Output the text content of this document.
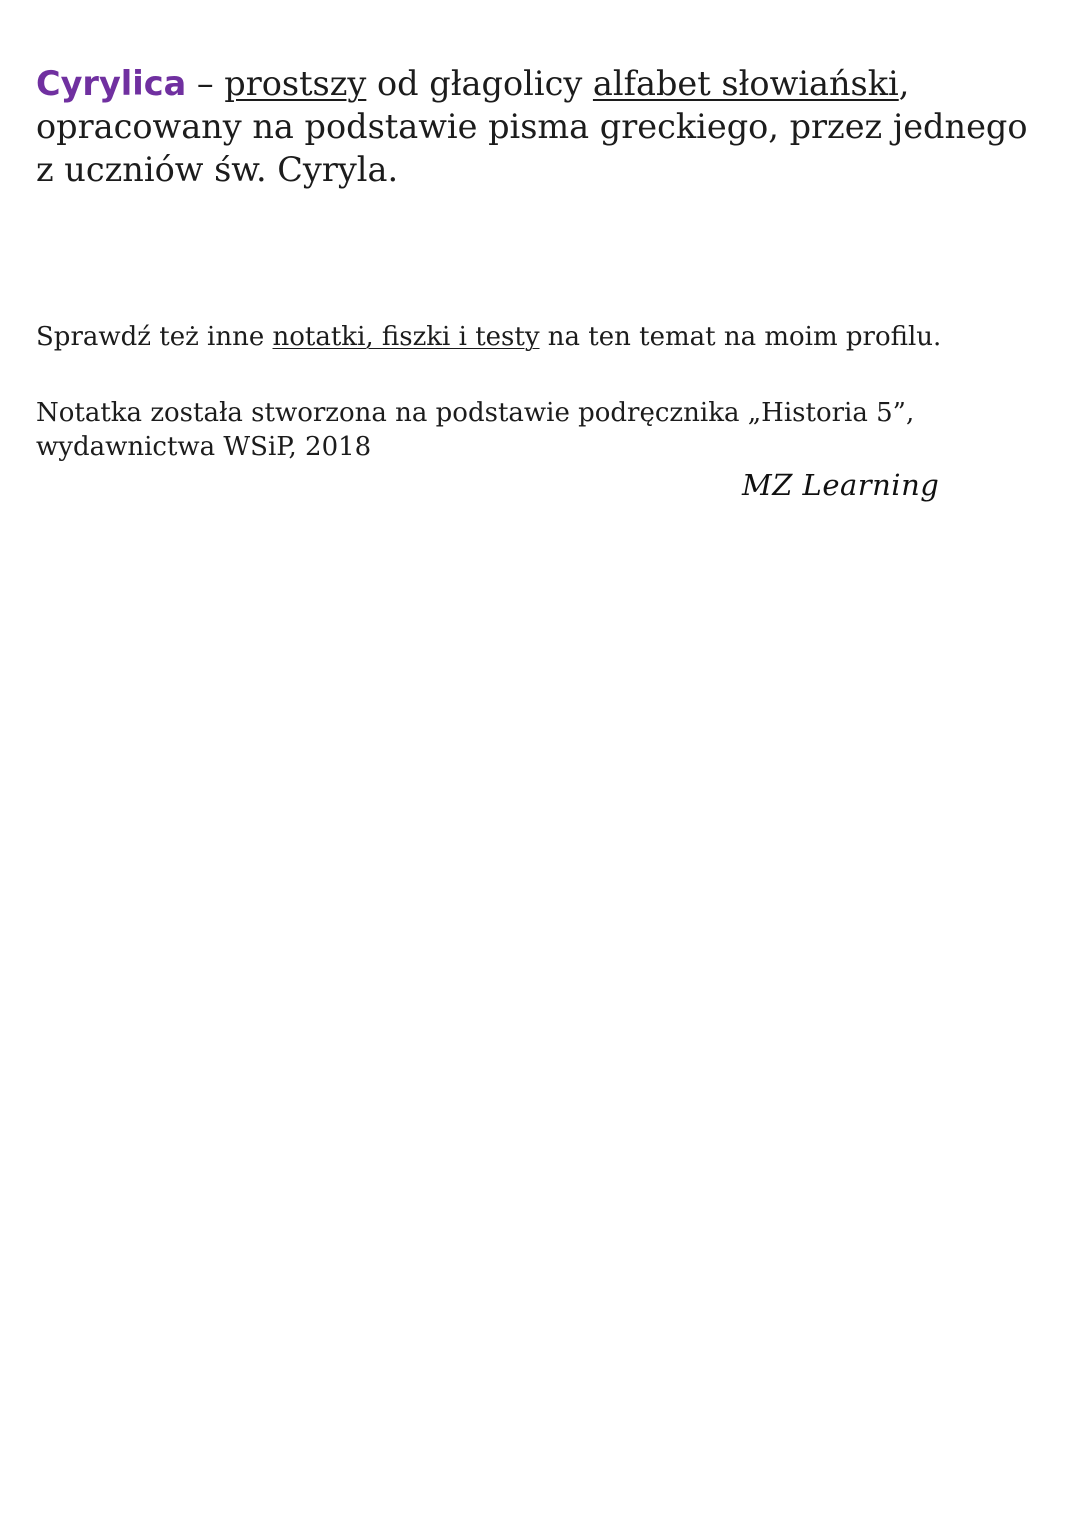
Cyrylica – prostszy od głagolicy alfabet słowiański, opracowany na podstawie pisma greckiego, przez jednego z uczniów św. Cyryla.

Sprawdź też inne notatki, fiszki i testy na ten temat na moim profilu.

Notatka została stworzona na podstawie podręcznika „Historia 5”, wydawnictwa WSiP, 2018

MZ Learning
